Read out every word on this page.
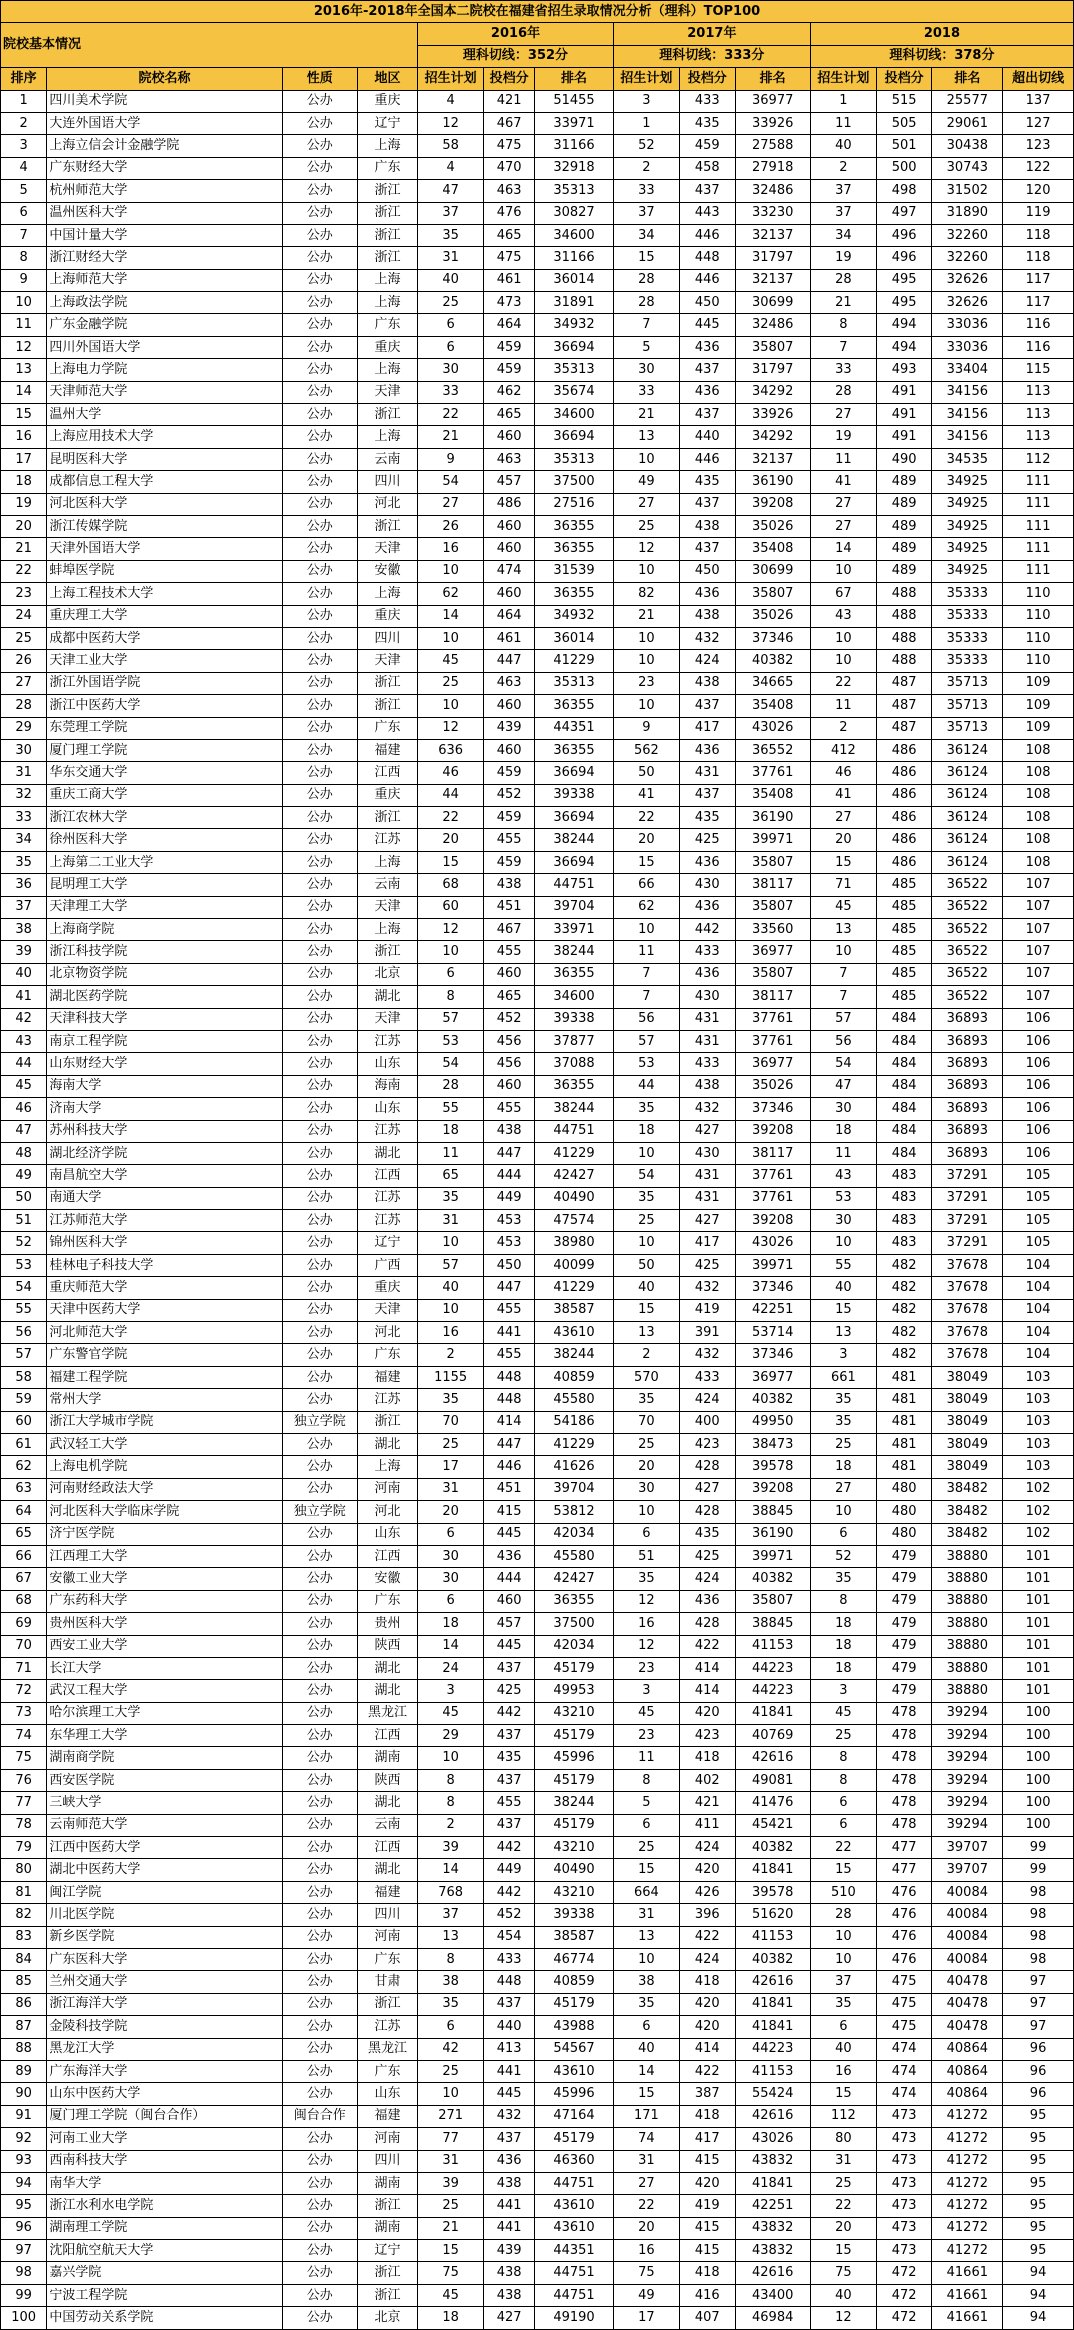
2016年-2018年全国本二院校在福建省招生录取情况分析（理科）TOP100													
院校基本情况				2016年			2017年			2018			
				理科切线：352分			理科切线：333分			理科切线：378分			
排序	院校名称	性质	地区	招生计划	投档分	排名	招生计划	投档分	排名	招生计划	投档分	排名	超出切线
1	四川美术学院	公办	重庆	4	421	51455	3	433	36977	1	515	25577	137
2	大连外国语大学	公办	辽宁	12	467	33971	1	435	33926	11	505	29061	127
3	上海立信会计金融学院	公办	上海	58	475	31166	52	459	27588	40	501	30438	123
4	广东财经大学	公办	广东	4	470	32918	2	458	27918	2	500	30743	122
5	杭州师范大学	公办	浙江	47	463	35313	33	437	32486	37	498	31502	120
6	温州医科大学	公办	浙江	37	476	30827	37	443	33230	37	497	31890	119
7	中国计量大学	公办	浙江	35	465	34600	34	446	32137	34	496	32260	118
8	浙江财经大学	公办	浙江	31	475	31166	15	448	31797	19	496	32260	118
9	上海师范大学	公办	上海	40	461	36014	28	446	32137	28	495	32626	117
10	上海政法学院	公办	上海	25	473	31891	28	450	30699	21	495	32626	117
11	广东金融学院	公办	广东	6	464	34932	7	445	32486	8	494	33036	116
12	四川外国语大学	公办	重庆	6	459	36694	5	436	35807	7	494	33036	116
13	上海电力学院	公办	上海	30	459	35313	30	437	31797	33	493	33404	115
14	天津师范大学	公办	天津	33	462	35674	33	436	34292	28	491	34156	113
15	温州大学	公办	浙江	22	465	34600	21	437	33926	27	491	34156	113
16	上海应用技术大学	公办	上海	21	460	36694	13	440	34292	19	491	34156	113
17	昆明医科大学	公办	云南	9	463	35313	10	446	32137	11	490	34535	112
18	成都信息工程大学	公办	四川	54	457	37500	49	435	36190	41	489	34925	111
19	河北医科大学	公办	河北	27	486	27516	27	437	39208	27	489	34925	111
20	浙江传媒学院	公办	浙江	26	460	36355	25	438	35026	27	489	34925	111
21	天津外国语大学	公办	天津	16	460	36355	12	437	35408	14	489	34925	111
22	蚌埠医学院	公办	安徽	10	474	31539	10	450	30699	10	489	34925	111
23	上海工程技术大学	公办	上海	62	460	36355	82	436	35807	67	488	35333	110
24	重庆理工大学	公办	重庆	14	464	34932	21	438	35026	43	488	35333	110
25	成都中医药大学	公办	四川	10	461	36014	10	432	37346	10	488	35333	110
26	天津工业大学	公办	天津	45	447	41229	10	424	40382	10	488	35333	110
27	浙江外国语学院	公办	浙江	25	463	35313	23	438	34665	22	487	35713	109
28	浙江中医药大学	公办	浙江	10	460	36355	10	437	35408	11	487	35713	109
29	东莞理工学院	公办	广东	12	439	44351	9	417	43026	2	487	35713	109
30	厦门理工学院	公办	福建	636	460	36355	562	436	36552	412	486	36124	108
31	华东交通大学	公办	江西	46	459	36694	50	431	37761	46	486	36124	108
32	重庆工商大学	公办	重庆	44	452	39338	41	437	35408	41	486	36124	108
33	浙江农林大学	公办	浙江	22	459	36694	22	435	36190	27	486	36124	108
34	徐州医科大学	公办	江苏	20	455	38244	20	425	39971	20	486	36124	108
35	上海第二工业大学	公办	上海	15	459	36694	15	436	35807	15	486	36124	108
36	昆明理工大学	公办	云南	68	438	44751	66	430	38117	71	485	36522	107
37	天津理工大学	公办	天津	60	451	39704	62	436	35807	45	485	36522	107
38	上海商学院	公办	上海	12	467	33971	10	442	33560	13	485	36522	107
39	浙江科技学院	公办	浙江	10	455	38244	11	433	36977	10	485	36522	107
40	北京物资学院	公办	北京	6	460	36355	7	436	35807	7	485	36522	107
41	湖北医药学院	公办	湖北	8	465	34600	7	430	38117	7	485	36522	107
42	天津科技大学	公办	天津	57	452	39338	56	431	37761	57	484	36893	106
43	南京工程学院	公办	江苏	53	456	37877	57	431	37761	56	484	36893	106
44	山东财经大学	公办	山东	54	456	37088	53	433	36977	54	484	36893	106
45	海南大学	公办	海南	28	460	36355	44	438	35026	47	484	36893	106
46	济南大学	公办	山东	55	455	38244	35	432	37346	30	484	36893	106
47	苏州科技大学	公办	江苏	18	438	44751	18	427	39208	18	484	36893	106
48	湖北经济学院	公办	湖北	11	447	41229	10	430	38117	11	484	36893	106
49	南昌航空大学	公办	江西	65	444	42427	54	431	37761	43	483	37291	105
50	南通大学	公办	江苏	35	449	40490	35	431	37761	53	483	37291	105
51	江苏师范大学	公办	江苏	31	453	47574	25	427	39208	30	483	37291	105
52	锦州医科大学	公办	辽宁	10	453	38980	10	417	43026	10	483	37291	105
53	桂林电子科技大学	公办	广西	57	450	40099	50	425	39971	55	482	37678	104
54	重庆师范大学	公办	重庆	40	447	41229	40	432	37346	40	482	37678	104
55	天津中医药大学	公办	天津	10	455	38587	15	419	42251	15	482	37678	104
56	河北师范大学	公办	河北	16	441	43610	13	391	53714	13	482	37678	104
57	广东警官学院	公办	广东	2	455	38244	2	432	37346	3	482	37678	104
58	福建工程学院	公办	福建	1155	448	40859	570	433	36977	661	481	38049	103
59	常州大学	公办	江苏	35	448	45580	35	424	40382	35	481	38049	103
60	浙江大学城市学院	独立学院	浙江	70	414	54186	70	400	49950	35	481	38049	103
61	武汉轻工大学	公办	湖北	25	447	41229	25	423	38473	25	481	38049	103
62	上海电机学院	公办	上海	17	446	41626	20	428	39578	18	481	38049	103
63	河南财经政法大学	公办	河南	31	451	39704	30	427	39208	27	480	38482	102
64	河北医科大学临床学院	独立学院	河北	20	415	53812	10	428	38845	10	480	38482	102
65	济宁医学院	公办	山东	6	445	42034	6	435	36190	6	480	38482	102
66	江西理工大学	公办	江西	30	436	45580	51	425	39971	52	479	38880	101
67	安徽工业大学	公办	安徽	30	444	42427	35	424	40382	35	479	38880	101
68	广东药科大学	公办	广东	6	460	36355	12	436	35807	8	479	38880	101
69	贵州医科大学	公办	贵州	18	457	37500	16	428	38845	18	479	38880	101
70	西安工业大学	公办	陕西	14	445	42034	12	422	41153	18	479	38880	101
71	长江大学	公办	湖北	24	437	45179	23	414	44223	18	479	38880	101
72	武汉工程大学	公办	湖北	3	425	49953	3	414	44223	3	479	38880	101
73	哈尔滨理工大学	公办	黑龙江	45	442	43210	45	420	41841	45	478	39294	100
74	东华理工大学	公办	江西	29	437	45179	23	423	40769	25	478	39294	100
75	湖南商学院	公办	湖南	10	435	45996	11	418	42616	8	478	39294	100
76	西安医学院	公办	陕西	8	437	45179	8	402	49081	8	478	39294	100
77	三峡大学	公办	湖北	8	455	38244	5	421	41476	6	478	39294	100
78	云南师范大学	公办	云南	2	437	45179	6	411	45421	6	478	39294	100
79	江西中医药大学	公办	江西	39	442	43210	25	424	40382	22	477	39707	99
80	湖北中医药大学	公办	湖北	14	449	40490	15	420	41841	15	477	39707	99
81	闽江学院	公办	福建	768	442	43210	664	426	39578	510	476	40084	98
82	川北医学院	公办	四川	37	452	39338	31	396	51620	28	476	40084	98
83	新乡医学院	公办	河南	13	454	38587	13	422	41153	10	476	40084	98
84	广东医科大学	公办	广东	8	433	46774	10	424	40382	10	476	40084	98
85	兰州交通大学	公办	甘肃	38	448	40859	38	418	42616	37	475	40478	97
86	浙江海洋大学	公办	浙江	35	437	45179	35	420	41841	35	475	40478	97
87	金陵科技学院	公办	江苏	6	440	43988	6	420	41841	6	475	40478	97
88	黑龙江大学	公办	黑龙江	42	413	54567	40	414	44223	40	474	40864	96
89	广东海洋大学	公办	广东	25	441	43610	14	422	41153	16	474	40864	96
90	山东中医药大学	公办	山东	10	445	45996	15	387	55424	15	474	40864	96
91	厦门理工学院（闽台合作）	闽台合作	福建	271	432	47164	171	418	42616	112	473	41272	95
92	河南工业大学	公办	河南	77	437	45179	74	417	43026	80	473	41272	95
93	西南科技大学	公办	四川	31	436	46360	31	415	43832	31	473	41272	95
94	南华大学	公办	湖南	39	438	44751	27	420	41841	25	473	41272	95
95	浙江水利水电学院	公办	浙江	25	441	43610	22	419	42251	22	473	41272	95
96	湖南理工学院	公办	湖南	21	441	43610	20	415	43832	20	473	41272	95
97	沈阳航空航天大学	公办	辽宁	15	439	44351	16	415	43832	15	473	41272	95
98	嘉兴学院	公办	浙江	75	438	44751	75	418	42616	75	472	41661	94
99	宁波工程学院	公办	浙江	45	438	44751	49	416	43400	40	472	41661	94
100	中国劳动关系学院	公办	北京	18	427	49190	17	407	46984	12	472	41661	94
